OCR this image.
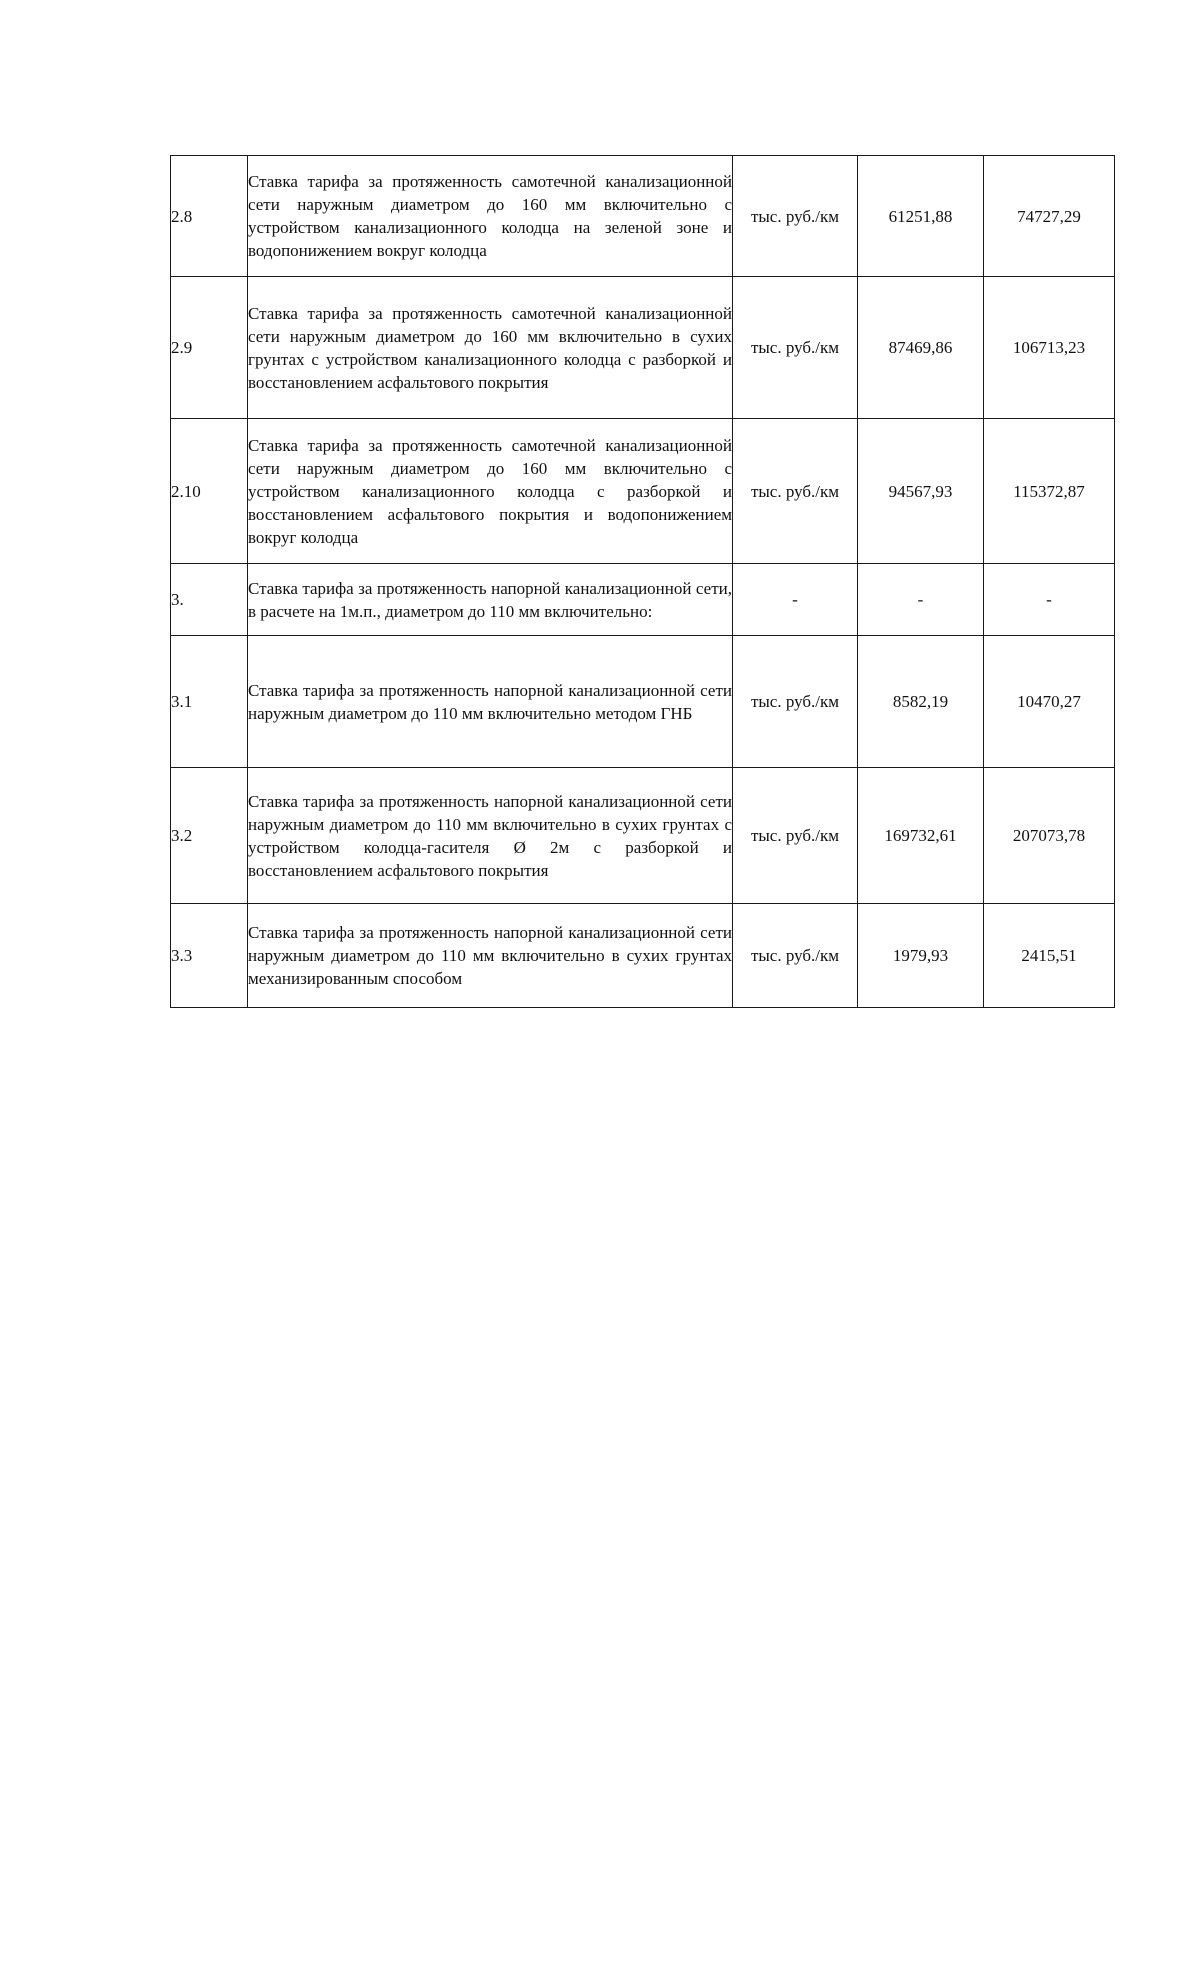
2.8	Ставка тарифа за протяженность самотечной канализационной сети наружным диаметром до 160 мм включительно с устройством канализационного колодца на зеленой зоне и водопонижением вокруг колодца	тыс. руб./км	61251,88	74727,29
2.9	Ставка тарифа за протяженность самотечной канализационной сети наружным диаметром до 160 мм включительно в сухих грунтах с устройством канализационного колодца с разборкой и восстановлением асфальтового покрытия	тыс. руб./км	87469,86	106713,23
2.10	Ставка тарифа за протяженность самотечной канализационной сети наружным диаметром до 160 мм включительно с устройством канализационного колодца с разборкой и восстановлением асфальтового покрытия и водопонижением вокруг колодца	тыс. руб./км	94567,93	115372,87
3.	Ставка тарифа за протяженность напорной канализационной сети, в расчете на 1м.п., диаметром до 110 мм включительно:	-	-	-
3.1	Ставка тарифа за протяженность напорной канализационной сети наружным диаметром до 110 мм включительно методом ГНБ	тыс. руб./км	8582,19	10470,27
3.2	Ставка тарифа за протяженность напорной канализационной сети наружным диаметром до 110 мм включительно в сухих грунтах с устройством колодца-гасителя Ø 2м с разборкой и восстановлением асфальтового покрытия	тыс. руб./км	169732,61	207073,78
3.3	Ставка тарифа за протяженность напорной канализационной сети наружным диаметром до 110 мм включительно в сухих грунтах механизированным способом	тыс. руб./км	1979,93	2415,51
